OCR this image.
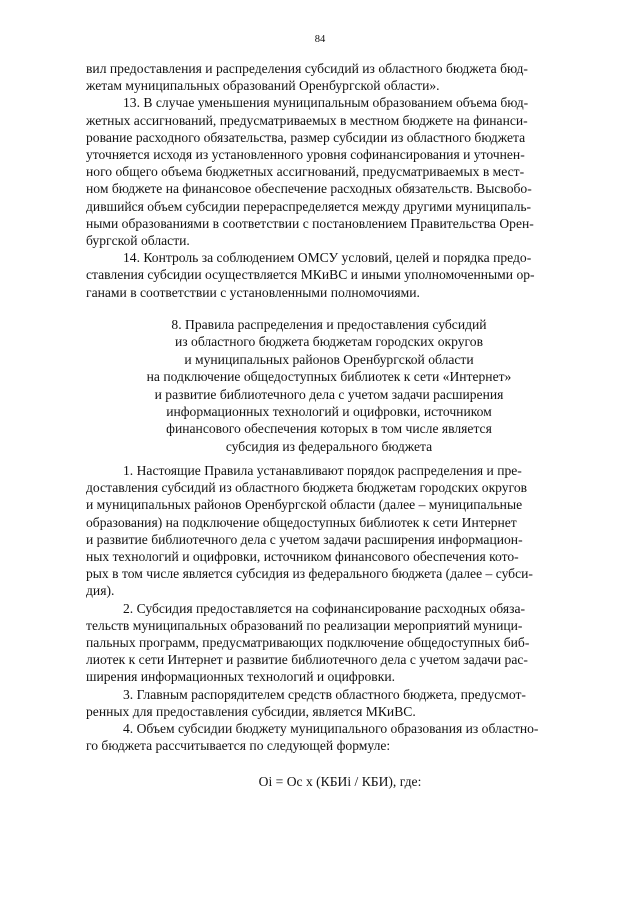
84
вил предоставления и распределения субсидий из областного бюджета бюд-
жетам муниципальных образований Оренбургской области».
13. В случае уменьшения муниципальным образованием объема бюд-
жетных ассигнований, предусматриваемых в местном бюджете на финанси-
рование расходного обязательства, размер субсидии из областного бюджета
уточняется исходя из установленного уровня софинансирования и уточнен-
ного общего объема бюджетных ассигнований, предусматриваемых в мест-
ном бюджете на финансовое обеспечение расходных обязательств. Высвобо-
дившийся объем субсидии перераспределяется между другими муниципаль-
ными образованиями в соответствии с постановлением Правительства Орен-
бургской области.
14. Контроль за соблюдением ОМСУ условий, целей и порядка предо-
ставления субсидии осуществляется МКиВС и иными уполномоченными ор-
ганами в соответствии с установленными полномочиями.
8. Правила распределения и предоставления субсидий
из областного бюджета бюджетам городских округов
и муниципальных районов Оренбургской области
на подключение общедоступных библиотек к сети «Интернет»
и развитие библиотечного дела с учетом задачи расширения
информационных технологий и оцифровки, источником
финансового обеспечения которых в том числе является
субсидия из федерального бюджета
1. Настоящие Правила устанавливают порядок распределения и пре-
доставления субсидий из областного бюджета бюджетам городских округов
и муниципальных районов Оренбургской области (далее – муниципальные
образования) на подключение общедоступных библиотек к сети Интернет
и развитие библиотечного дела с учетом задачи расширения информацион-
ных технологий и оцифровки, источником финансового обеспечения кото-
рых в том числе является субсидия из федерального бюджета (далее – субси-
дия).
2. Субсидия предоставляется на софинансирование расходных обяза-
тельств муниципальных образований по реализации мероприятий муници-
пальных программ, предусматривающих подключение общедоступных биб-
лиотек к сети Интернет и развитие библиотечного дела с учетом задачи рас-
ширения информационных технологий и оцифровки.
3. Главным распорядителем средств областного бюджета, предусмот-
ренных для предоставления субсидии, является МКиВС.
4. Объем субсидии бюджету муниципального образования из областно-
го бюджета рассчитывается по следующей формуле:
Оi = Ос х (КБИi / КБИ), где:
